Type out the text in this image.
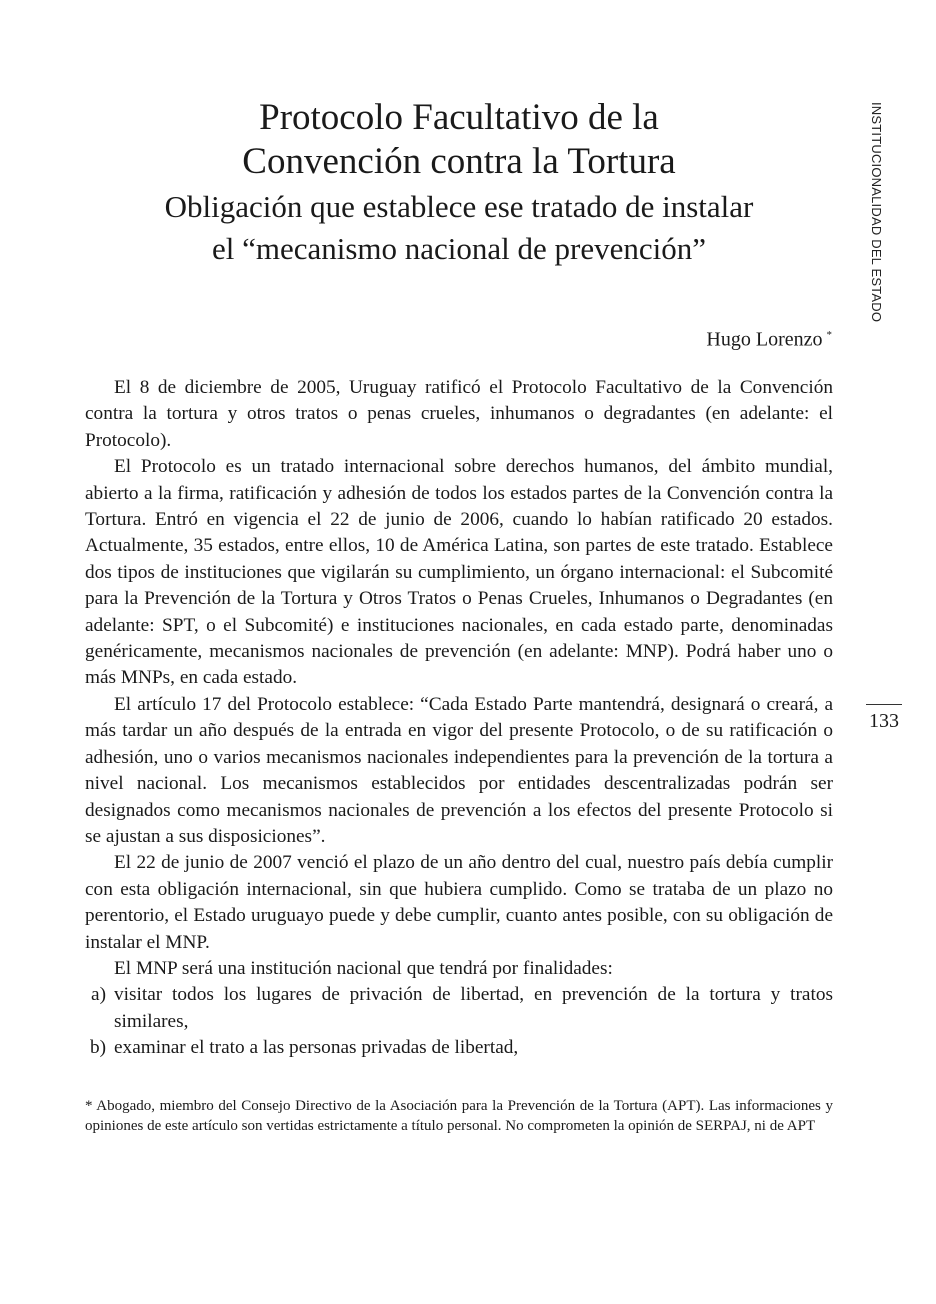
Protocolo Facultativo de la
Convención contra la Tortura
Obligación que establece ese tratado de instalar
el “mecanismo nacional de prevención”
Hugo Lorenzo *

El 8 de diciembre de 2005, Uruguay ratificó el Protocolo Facultativo de la Convención contra la tortura y otros tratos o penas crueles, inhumanos o degradantes (en adelante: el Protocolo).

El Protocolo es un tratado internacional sobre derechos humanos, del ámbito mundial, abierto a la firma, ratificación y adhesión de todos los estados partes de la Convención contra la Tortura. Entró en vigencia el 22 de junio de 2006, cuando lo habían ratificado 20 estados. Actualmente, 35 estados, entre ellos, 10 de América Latina, son partes de este tratado. Establece dos tipos de instituciones que vigilarán su cumplimiento, un órgano internacional: el Subcomité para la Prevención de la Tortura y Otros Tratos o Penas Crueles, Inhumanos o Degradantes (en adelante: SPT, o el Subcomité) e instituciones nacionales, en cada estado parte, denominadas genéricamente, mecanismos nacionales de prevención (en adelante: MNP). Podrá haber uno o más MNPs, en cada estado.

El artículo 17 del Protocolo establece: “Cada Estado Parte mantendrá, designará o creará, a más tardar un año después de la entrada en vigor del presente Protocolo, o de su ratificación o adhesión, uno o varios mecanismos nacionales independientes para la prevención de la tortura a nivel nacional. Los mecanismos establecidos por entidades descentralizadas podrán ser designados como mecanismos nacionales de prevención a los efectos del presente Protocolo si se ajustan a sus disposiciones”.

El 22 de junio de 2007 venció el plazo de un año dentro del cual, nuestro país debía cumplir con esta obligación internacional, sin que hubiera cumplido. Como se trataba de un plazo no perentorio, el Estado uruguayo puede y debe cumplir, cuanto antes posible, con su obligación de instalar el MNP.

El MNP será una institución nacional que tendrá por finalidades:

a) visitar todos los lugares de privación de libertad, en prevención de la tortura y tratos similares,
b) examinar el trato a las personas privadas de libertad,
* Abogado, miembro del Consejo Directivo de la Asociación para la Prevención de la Tortura (APT). Las informaciones y opiniones de este artículo son vertidas estrictamente a título personal. No comprometen la opinión de SERPAJ, ni de APT
INSTITUCIONALIDAD DEL ESTADO
133
